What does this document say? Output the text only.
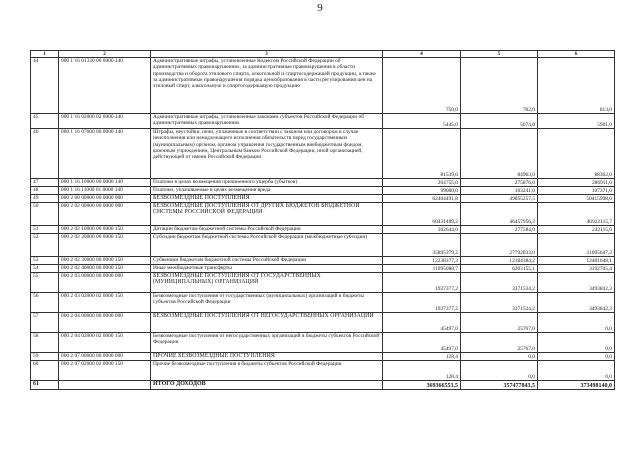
9
1	2	3	4	5	6
44	000 1 16 01330 00 0000 140	Административные штрафы, установленные Кодексом Российской Федерации об административных правонарушениях, за административные правонарушения в области производства и оборота этилового спирта, алкогольной и спиртосодержащей продукции, а также за административные правонарушения порядка ценообразования в части регулирования цен на этиловый спирт, алкогольную и спиртосодержащую продукцию	750,0	782,0	813,0
45	000 1 16 02000 02 0000 140	Административные штрафы, установленные законами субъектов Российской Федерации об административных правонарушениях	5445,0	5674,0	5901,0
46	000 1 16 07000 00 0000 140	Штрафы, неустойки, пени, уплаченные в соответствии с законом или договором в случае неисполнения или ненадлежащего исполнения обязательств перед государственным (муниципальным) органом, органом управления государственным внебюджетным фондом, казенным учреждением, Центральным банком Российской Федерации, иной организацией, действующей от имени Российской Федерации	81539,0	84963,0	88362,0
47	000 1 16 10000 00 0000 140	Платежи в целях возмещения причиненного ущерба (убытков)	264755,0	275876,0	286911,0
48	000 1 16 11000 01 0000 140	Платежи, уплачиваемые в целях возмещения вреда	99080,0	103241,0	107371,0
49	000 2 00 00000 00 0000 000	БЕЗВОЗМЕЗДНЫЕ ПОСТУПЛЕНИЯ	62404491,8	49855257,5	50415998,0
50	000 2 02 00000 00 0000 000	БЕЗВОЗМЕЗДНЫЕ ПОСТУПЛЕНИЯ ОТ ДРУГИХ БЮДЖЕТОВ БЮДЖЕТНОЙ СИСТЕМЫ РОССИЙСКОЙ ФЕДЕРАЦИИ	60431489,2	46457956,3	46922115,7
51	000 2 02 10000 00 0000 150	Дотации бюджетам бюджетной системы Российской Федерации	302644,0	277584,0	242115,0
52	000 2 02 20000 00 0000 150	Субсидии бюджетам бюджетной системы Российской Федерации (межбюджетные субсидии)	35895379,2	27792833,0	31005647,2
53	000 2 02 30000 00 0000 150	Субвенции бюджетам бюджетной системы Российской Федерации	12238377,3	12184384,2	12481648,1
54	000 2 02 40000 00 0000 150	Иные межбюджетные трансферты	11995088,7	6203155,1	3192705,4
55	000 2 03 00000 00 0000 000	БЕЗВОЗМЕЗДНЫЕ ПОСТУПЛЕНИЯ ОТ ГОСУДАРСТВЕННЫХ (МУНИЦИПАЛЬНЫХ) ОРГАНИЗАЦИЙ	1927377,2	3371534,2	3493842,3
56	000 2 03 02000 02 0000 150	Безвозмездные поступления от государственных (муниципальных) организаций в бюджеты субъектов Российской Федерации	1927377,2	3371534,2	3493842,3
57	000 2 04 00000 00 0000 000	БЕЗВОЗМЕЗДНЫЕ ПОСТУПЛЕНИЯ ОТ НЕГОСУДАРСТВЕННЫХ ОРГАНИЗАЦИЙ	45497,0	25767,0	0,0
58	000 2 04 02000 02 0000 150	Безвозмездные поступления от негосударственных организаций в бюджеты субъектов Российской Федерации	45497,0	25767,0	0,0
59	000 2 07 00000 00 0000 000	ПРОЧИЕ БЕЗВОЗМЕЗДНЫЕ ПОСТУПЛЕНИЯ	128,4	0,0	0,0
60	000 2 07 02000 02 0000 150	Прочие безвозмездные поступления в бюджеты субъектов Российской Федерации	128,4	0,0	0,0
61		ИТОГО ДОХОДОВ	369366553,5	357477843,5	373498140,0
